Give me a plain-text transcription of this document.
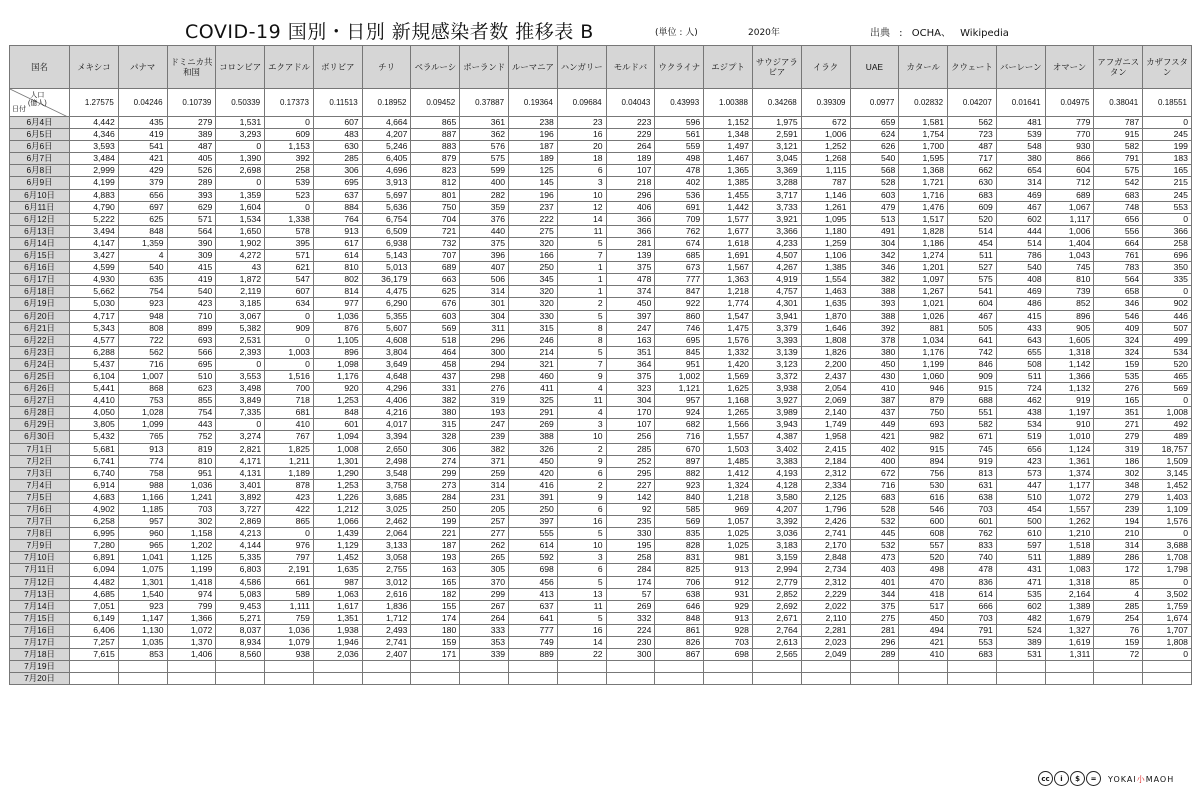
COVID-19 国別・日別 新規感染者数 推移表 B	(単位 : 人)	2020年	出典 : OCHA、 Wikipedia
国名	メキシコ	パナマ	ドミニカ共和国	コロンビア	エクアドル	ボリビア	チリ	ベラルーシ	ポーランド	ルーマニア	ハンガリー	モルドバ	ウクライナ	エジプト	サウジアラビア	イラク	UAE	カタール	クウェート	バーレーン	オマーン	アフガニスタン	カザフスタン

人口
(億人)
日付	1.27575	0.04246	0.10739	0.50339	0.17373	0.11513	0.18952	0.09452	0.37887	0.19364	0.09684	0.04043	0.43993	1.00388	0.34268	0.39309	0.0977	0.02832	0.04207	0.01641	0.04975	0.38041	0.18551
6月4日	4,442	435	279	1,531	0	607	4,664	865	361	238	23	223	596	1,152	1,975	672	659	1,581	562	481	779	787	0
6月5日	4,346	419	389	3,293	609	483	4,207	887	362	196	16	229	561	1,348	2,591	1,006	624	1,754	723	539	770	915	245
6月6日	3,593	541	487	0	1,153	630	5,246	883	576	187	20	264	559	1,497	3,121	1,252	626	1,700	487	548	930	582	199
6月7日	3,484	421	405	1,390	392	285	6,405	879	575	189	18	189	498	1,467	3,045	1,268	540	1,595	717	380	866	791	183
6月8日	2,999	429	526	2,698	258	306	4,696	823	599	125	6	107	478	1,365	3,369	1,115	568	1,368	662	654	604	575	165
6月9日	4,199	379	289	0	539	695	3,913	812	400	145	3	218	402	1,385	3,288	787	528	1,721	630	314	712	542	215
6月10日	4,883	656	393	1,359	523	637	5,697	801	282	196	10	296	536	1,455	3,717	1,146	603	1,716	683	469	689	683	245
6月11日	4,790	697	629	1,604	0	884	5,636	750	359	237	12	406	691	1,442	3,733	1,261	479	1,476	609	467	1,067	748	553
6月12日	5,222	625	571	1,534	1,338	764	6,754	704	376	222	14	366	709	1,577	3,921	1,095	513	1,517	520	602	1,117	656	0
6月13日	3,494	848	564	1,650	578	913	6,509	721	440	275	11	366	762	1,677	3,366	1,180	491	1,828	514	444	1,006	556	366
6月14日	4,147	1,359	390	1,902	395	617	6,938	732	375	320	5	281	674	1,618	4,233	1,259	304	1,186	454	514	1,404	664	258
6月15日	3,427	4	309	4,272	571	614	5,143	707	396	166	7	139	685	1,691	4,507	1,106	342	1,274	511	786	1,043	761	696
6月16日	4,599	540	415	43	621	810	5,013	689	407	250	1	375	673	1,567	4,267	1,385	346	1,201	527	540	745	783	350
6月17日	4,930	635	419	1,872	547	802	36,179	663	506	345	1	478	777	1,363	4,919	1,554	382	1,097	575	408	810	564	335
6月18日	5,662	754	540	2,119	607	814	4,475	625	314	320	1	374	847	1,218	4,757	1,463	388	1,267	541	469	739	658	0
6月19日	5,030	923	423	3,185	634	977	6,290	676	301	320	2	450	922	1,774	4,301	1,635	393	1,021	604	486	852	346	902
6月20日	4,717	948	710	3,067	0	1,036	5,355	603	304	330	5	397	860	1,547	3,941	1,870	388	1,026	467	415	896	546	446
6月21日	5,343	808	899	5,382	909	876	5,607	569	311	315	8	247	746	1,475	3,379	1,646	392	881	505	433	905	409	507
6月22日	4,577	722	693	2,531	0	1,105	4,608	518	296	246	8	163	695	1,576	3,393	1,808	378	1,034	641	643	1,605	324	499
6月23日	6,288	562	566	2,393	1,003	896	3,804	464	300	214	5	351	845	1,332	3,139	1,826	380	1,176	742	655	1,318	324	534
6月24日	5,437	716	695	0	0	1,098	3,649	458	294	321	7	364	951	1,420	3,123	2,200	450	1,199	846	508	1,142	159	520
6月25日	6,104	1,007	510	3,553	1,516	1,176	4,648	437	298	460	9	375	1,002	1,569	3,372	2,437	430	1,060	909	511	1,366	535	465
6月26日	5,441	868	623	3,498	700	920	4,296	331	276	411	4	323	1,121	1,625	3,938	2,054	410	946	915	724	1,132	276	569
6月27日	4,410	753	855	3,849	718	1,253	4,406	382	319	325	11	304	957	1,168	3,927	2,069	387	879	688	462	919	165	0
6月28日	4,050	1,028	754	7,335	681	848	4,216	380	193	291	4	170	924	1,265	3,989	2,140	437	750	551	438	1,197	351	1,008
6月29日	3,805	1,099	443	0	410	601	4,017	315	247	269	3	107	682	1,566	3,943	1,749	449	693	582	534	910	271	492
6月30日	5,432	765	752	3,274	767	1,094	3,394	328	239	388	10	256	716	1,557	4,387	1,958	421	982	671	519	1,010	279	489
7月1日	5,681	913	819	2,821	1,825	1,008	2,650	306	382	326	2	285	670	1,503	3,402	2,415	402	915	745	656	1,124	319	18,757
7月2日	6,741	774	810	4,171	1,211	1,301	2,498	274	371	450	9	252	897	1,485	3,383	2,184	400	894	919	423	1,361	186	1,509
7月3日	6,740	758	951	4,131	1,189	1,290	3,548	299	259	420	6	295	882	1,412	4,193	2,312	672	756	813	573	1,374	302	3,145
7月4日	6,914	988	1,036	3,401	878	1,253	3,758	273	314	416	2	227	923	1,324	4,128	2,334	716	530	631	447	1,177	348	1,452
7月5日	4,683	1,166	1,241	3,892	423	1,226	3,685	284	231	391	9	142	840	1,218	3,580	2,125	683	616	638	510	1,072	279	1,403
7月6日	4,902	1,185	703	3,727	422	1,212	3,025	250	205	250	6	92	585	969	4,207	1,796	528	546	703	454	1,557	239	1,109
7月7日	6,258	957	302	2,869	865	1,066	2,462	199	257	397	16	235	569	1,057	3,392	2,426	532	600	601	500	1,262	194	1,576
7月8日	6,995	960	1,158	4,213	0	1,439	2,064	221	277	555	5	330	835	1,025	3,036	2,741	445	608	762	610	1,210	210	0
7月9日	7,280	965	1,202	4,144	976	1,129	3,133	187	262	614	10	195	828	1,025	3,183	2,170	532	557	833	597	1,518	314	3,688
7月10日	6,891	1,041	1,125	5,335	797	1,452	3,058	193	265	592	3	258	831	981	3,159	2,848	473	520	740	511	1,889	286	1,708
7月11日	6,094	1,075	1,199	6,803	2,191	1,635	2,755	163	305	698	6	284	825	913	2,994	2,734	403	498	478	431	1,083	172	1,798
7月12日	4,482	1,301	1,418	4,586	661	987	3,012	165	370	456	5	174	706	912	2,779	2,312	401	470	836	471	1,318	85	0
7月13日	4,685	1,540	974	5,083	589	1,063	2,616	182	299	413	13	57	638	931	2,852	2,229	344	418	614	535	2,164	4	3,502
7月14日	7,051	923	799	9,453	1,111	1,617	1,836	155	267	637	11	269	646	929	2,692	2,022	375	517	666	602	1,389	285	1,759
7月15日	6,149	1,147	1,366	5,271	759	1,351	1,712	174	264	641	5	332	848	913	2,671	2,110	275	450	703	482	1,679	254	1,674
7月16日	6,406	1,130	1,072	8,037	1,036	1,938	2,493	180	333	777	16	224	861	928	2,764	2,281	281	494	791	524	1,327	76	1,707
7月17日	7,257	1,035	1,370	8,934	1,079	1,946	2,741	159	353	749	14	230	826	703	2,613	2,023	296	421	553	389	1,619	159	1,808
7月18日	7,615	853	1,406	8,560	938	2,036	2,407	171	339	889	22	300	867	698	2,565	2,049	289	410	683	531	1,311	72	0
7月19日																							
7月20日																							
cc	i	$	=	YOKAI小MAOH
